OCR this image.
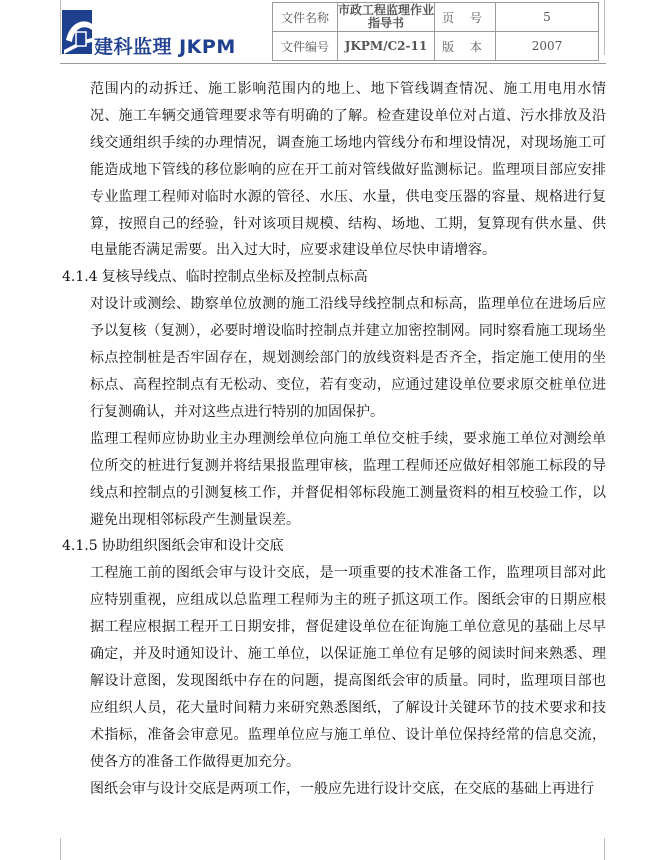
建科监理 JKPM
文件名称	市政工程监理作业指导书	页 号	5
文件编号	JKPM/C2-11	版 本	2007

范围内的动拆迁、施工影响范围内的地上、地下管线调查情况、施工用电用水情况、施工车辆交通管理要求等有明确的了解。检查建设单位对占道、污水排放及沿线交通组织手续的办理情况，调查施工场地内管线分布和埋设情况，对现场施工可能造成地下管线的移位影响的应在开工前对管线做好监测标记。监理项目部应安排专业监理工程师对临时水源的管径、水压、水量，供电变压器的容量、规格进行复算，按照自己的经验，针对该项目规模、结构、场地、工期，复算现有供水量、供电量能否满足需要。出入过大时，应要求建设单位尽快申请增容。

4.1.4 复核导线点、临时控制点坐标及控制点标高

对设计或测绘、勘察单位放测的施工沿线导线控制点和标高，监理单位在进场后应予以复核（复测），必要时增设临时控制点并建立加密控制网。同时察看施工现场坐标点控制桩是否牢固存在，规划测绘部门的放线资料是否齐全，指定施工使用的坐标点、高程控制点有无松动、变位，若有变动，应通过建设单位要求原交桩单位进行复测确认，并对这些点进行特别的加固保护。

监理工程师应协助业主办理测绘单位向施工单位交桩手续，要求施工单位对测绘单位所交的桩进行复测并将结果报监理审核，监理工程师还应做好相邻施工标段的导线点和控制点的引测复核工作，并督促相邻标段施工测量资料的相互校验工作，以避免出现相邻标段产生测量误差。

4.1.5 协助组织图纸会审和设计交底

工程施工前的图纸会审与设计交底，是一项重要的技术准备工作，监理项目部对此应特别重视，应组成以总监理工程师为主的班子抓这项工作。图纸会审的日期应根据工程应根据工程开工日期安排，督促建设单位在征询施工单位意见的基础上尽早确定，并及时通知设计、施工单位，以保证施工单位有足够的阅读时间来熟悉、理解设计意图，发现图纸中存在的问题，提高图纸会审的质量。同时，监理项目部也应组织人员，花大量时间精力来研究熟悉图纸，了解设计关键环节的技术要求和技术指标，准备会审意见。监理单位应与施工单位、设计单位保持经常的信息交流，使各方的准备工作做得更加充分。

图纸会审与设计交底是两项工作，一般应先进行设计交底，在交底的基础上再进行
